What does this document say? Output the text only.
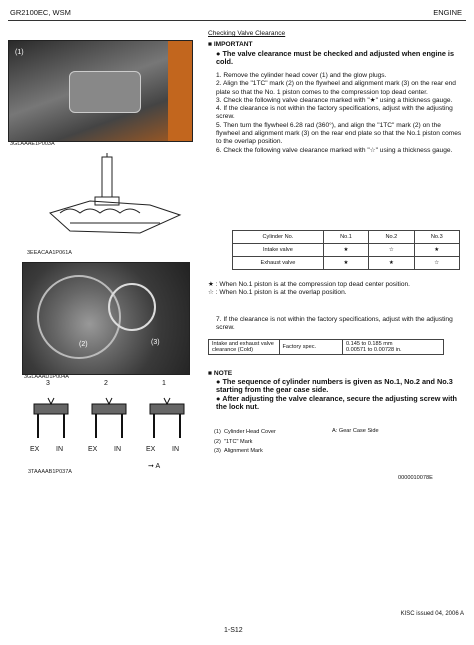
GR2100EC, WSM	ENGINE
(1)
3GLAAAE1P003A
3EEACAA1P061A
(2)	(3)
3GLAAAD1P004A
3	2	1
EX IN	EX IN	EX IN
3TAAAAB1P037A
➞ A
Checking Valve Clearance
■ IMPORTANT
● The valve clearance must be checked and adjusted when engine is cold.
1. Remove the cylinder head cover (1) and the glow plugs.
2. Align the "1TC" mark (2) on the flywheel and alignment mark (3) on the rear end plate so that the No. 1 piston comes to the compression top dead center.
3. Check the following valve clearance marked with "★" using a thickness gauge.
4. If the clearance is not within the factory specifications, adjust with the adjusting screw.
5. Then turn the flywheel 6.28 rad (360°), and align the "1TC" mark (2) on the flywheel and alignment mark (3) on the rear end plate so that the No.1 piston comes to the overlap position.
6. Check the following valve clearance marked with "☆" using a thickness gauge.
Cylinder No.	No.1	No.2	No.3
Intake valve	★	☆	★
Exhaust valve	★	★	☆
★ : When No.1 piston is at the compression top dead center position.
☆ : When No.1 piston is at the overlap position.
7. If the clearance is not within the factory specifications, adjust with the adjusting screw.
Intake and exhaust valve clearance (Cold)	Factory spec.	0.145 to 0.185 mm
0.00571 to 0.00728 in.
■ NOTE
● The sequence of cylinder numbers is given as No.1, No.2 and No.3 starting from the gear case side.
● After adjusting the valve clearance, secure the adjusting screw with the lock nut.
(1) Cylinder Head Cover
(2) "1TC" Mark
(3) Alignment Mark
A: Gear Case Side
0000010078E
KISC issued 04, 2006 A
1-S12
